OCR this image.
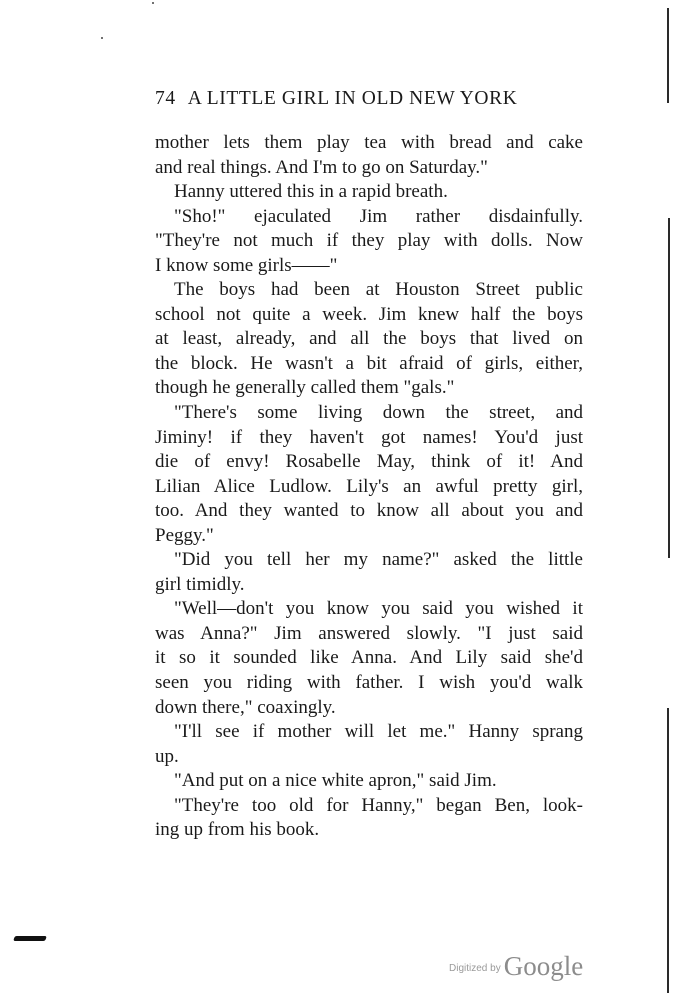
74 A LITTLE GIRL IN OLD NEW YORK
mother lets them play tea with bread and cake
and real things. And I'm to go on Saturday."
Hanny uttered this in a rapid breath.
"Sho!" ejaculated Jim rather disdainfully.
"They're not much if they play with dolls. Now
I know some girls——"
The boys had been at Houston Street public
school not quite a week. Jim knew half the boys
at least, already, and all the boys that lived on
the block. He wasn't a bit afraid of girls, either,
though he generally called them "gals."
"There's some living down the street, and
Jiminy! if they haven't got names! You'd just
die of envy! Rosabelle May, think of it! And
Lilian Alice Ludlow. Lily's an awful pretty girl,
too. And they wanted to know all about you and
Peggy."
"Did you tell her my name?" asked the little
girl timidly.
"Well—don't you know you said you wished it
was Anna?" Jim answered slowly. "I just said
it so it sounded like Anna. And Lily said she'd
seen you riding with father. I wish you'd walk
down there," coaxingly.
"I'll see if mother will let me." Hanny sprang
up.
"And put on a nice white apron," said Jim.
"They're too old for Hanny," began Ben, look-
ing up from his book.
$^{Digitized by}$ Google
